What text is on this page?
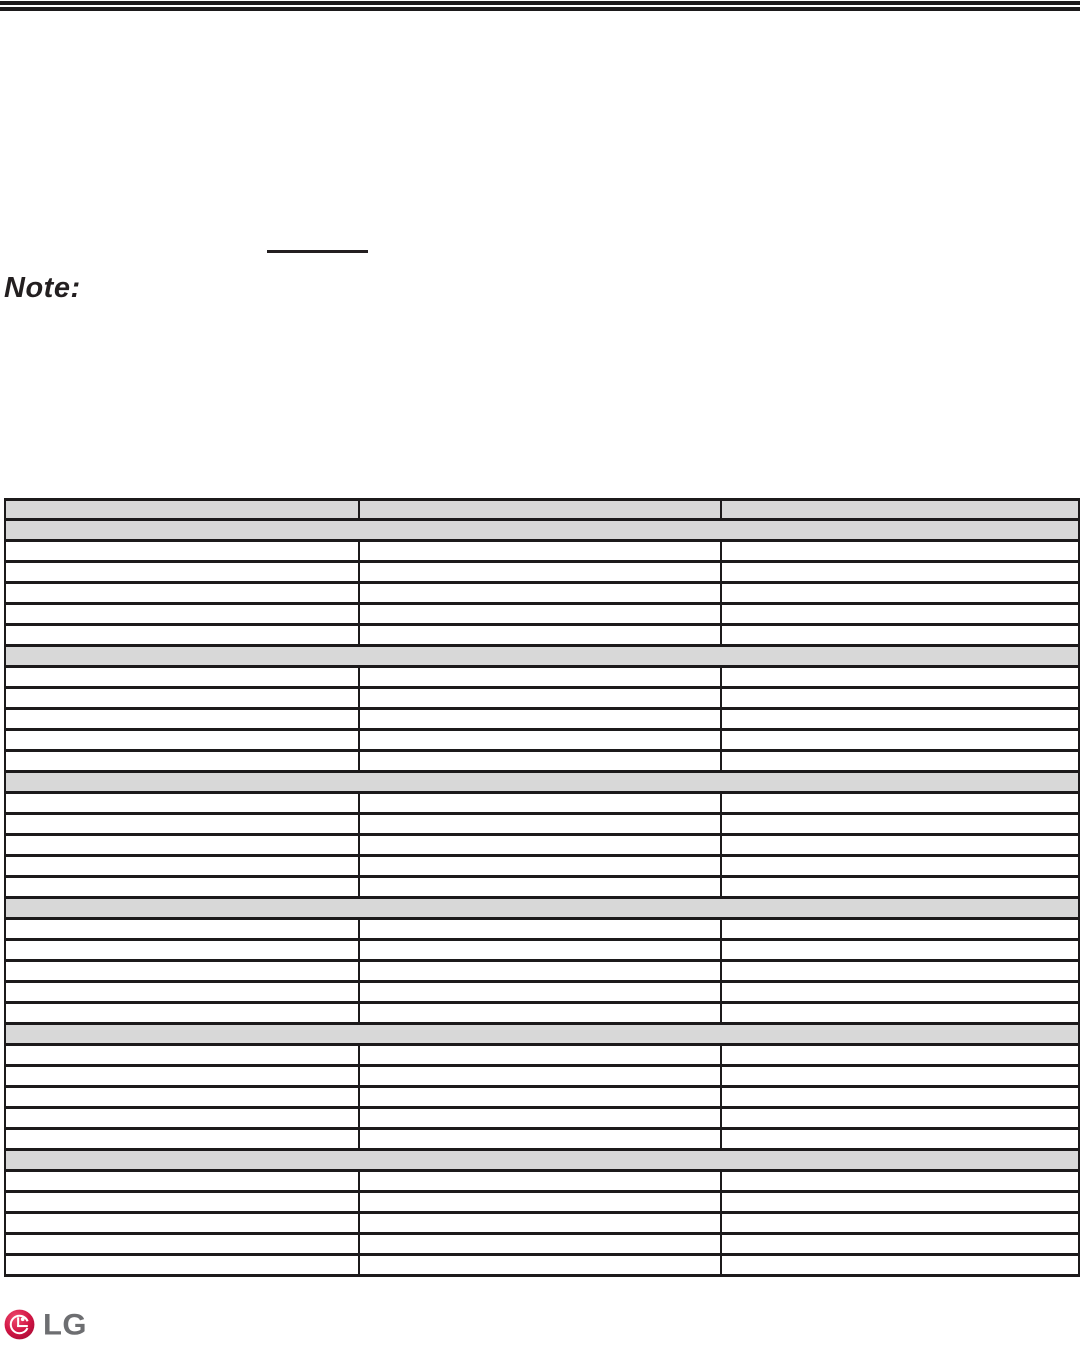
Note:

LG
